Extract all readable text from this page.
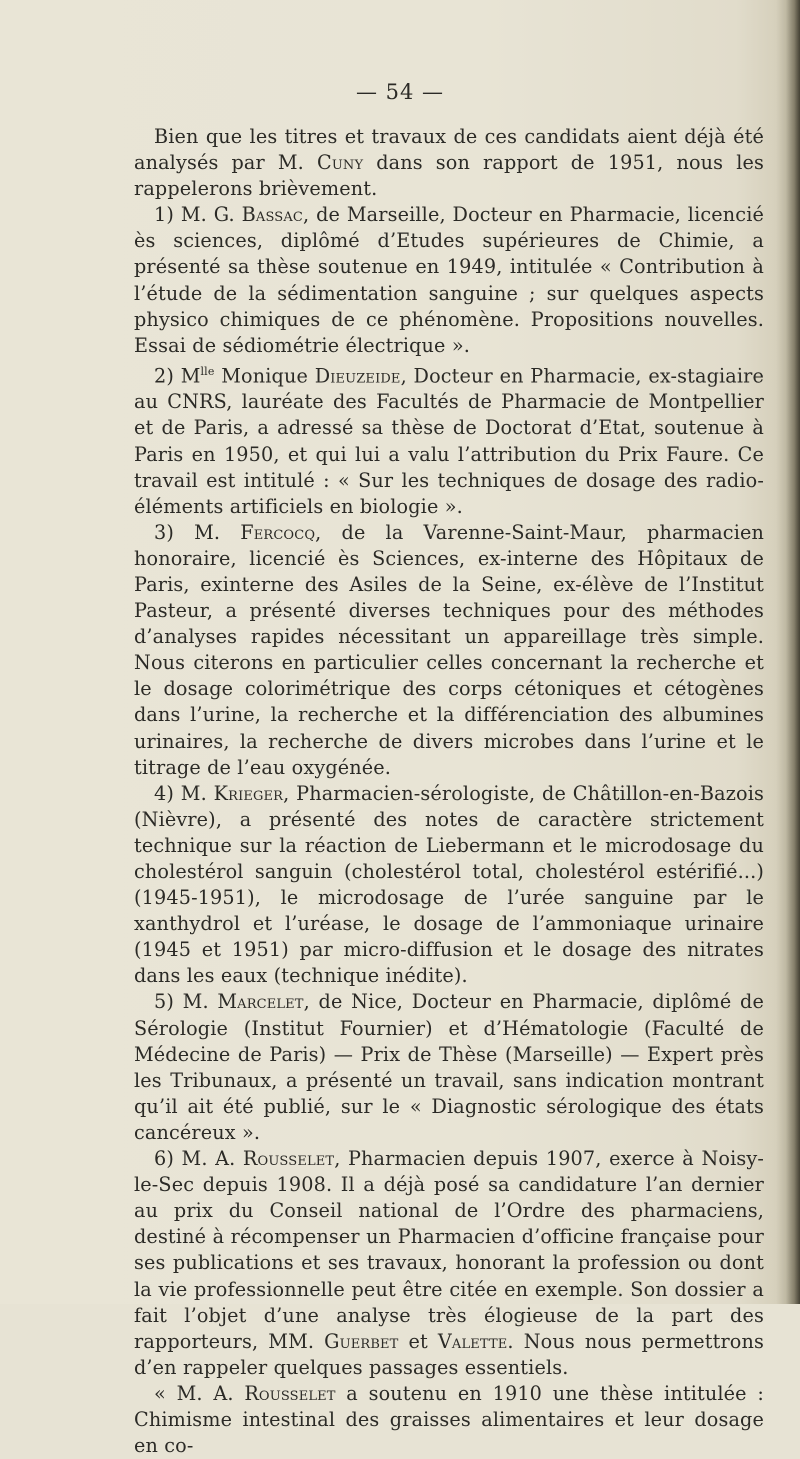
— 54 —

Bien que les titres et travaux de ces candidats aient déjà été analysés par M. Cuny dans son rapport de 1951, nous les rappelerons brièvement.

1) M. G. Bassac, de Marseille, Docteur en Pharmacie, licencié ès sciences, diplômé d’Etudes supérieures de Chimie, a présenté sa thèse soutenue en 1949, intitulée « Contribution à l’étude de la sédimentation sanguine ; sur quelques aspects physico chimiques de ce phénomène. Propositions nouvelles. Essai de sédiométrie électrique ».

2) $M^{lle}$ Monique Dieuzeide, Docteur en Pharmacie, ex-stagiaire au CNRS, lauréate des Facultés de Pharmacie de Montpellier et de Paris, a adressé sa thèse de Doctorat d’Etat, soutenue à Paris en 1950, et qui lui a valu l’attribution du Prix Faure. Ce travail est intitulé : « Sur les techniques de dosage des radio-éléments artificiels en biologie ».

3) M. Fercocq, de la Varenne-Saint-Maur, pharmacien honoraire, licencié ès Sciences, ex-interne des Hôpitaux de Paris, exinterne des Asiles de la Seine, ex-élève de l’Institut Pasteur, a présenté diverses techniques pour des méthodes d’analyses rapides nécessitant un appareillage très simple. Nous citerons en particulier celles concernant la recherche et le dosage colorimétrique des corps cétoniques et cétogènes dans l’urine, la recherche et la différenciation des albumines urinaires, la recherche de divers microbes dans l’urine et le titrage de l’eau oxygénée.

4) M. Krieger, Pharmacien-sérologiste, de Châtillon-en-Bazois (Nièvre), a présenté des notes de caractère strictement technique sur la réaction de Liebermann et le microdosage du cholestérol sanguin (cholestérol total, cholestérol estérifié...) (1945-1951), le microdosage de l’urée sanguine par le xanthydrol et l’uréase, le dosage de l’ammoniaque urinaire (1945 et 1951) par micro-diffusion et le dosage des nitrates dans les eaux (technique inédite).

5) M. Marcelet, de Nice, Docteur en Pharmacie, diplômé de Sérologie (Institut Fournier) et d’Hématologie (Faculté de Médecine de Paris) — Prix de Thèse (Marseille) — Expert près les Tribunaux, a présenté un travail, sans indication montrant qu’il ait été publié, sur le « Diagnostic sérologique des états cancéreux ».

6) M. A. Rousselet, Pharmacien depuis 1907, exerce à Noisy-le-Sec depuis 1908. Il a déjà posé sa candidature l’an dernier au prix du Conseil national de l’Ordre des pharmaciens, destiné à récompenser un Pharmacien d’officine française pour ses publications et ses travaux, honorant la profession ou dont la vie professionnelle peut être citée en exemple. Son dossier a fait l’objet d’une analyse très élogieuse de la part des rapporteurs, MM. Guerbet et Valette. Nous nous permettrons d’en rappeler quelques passages essentiels.

« M. A. Rousselet a soutenu en 1910 une thèse intitulée : Chimisme intestinal des graisses alimentaires et leur dosage en co-
